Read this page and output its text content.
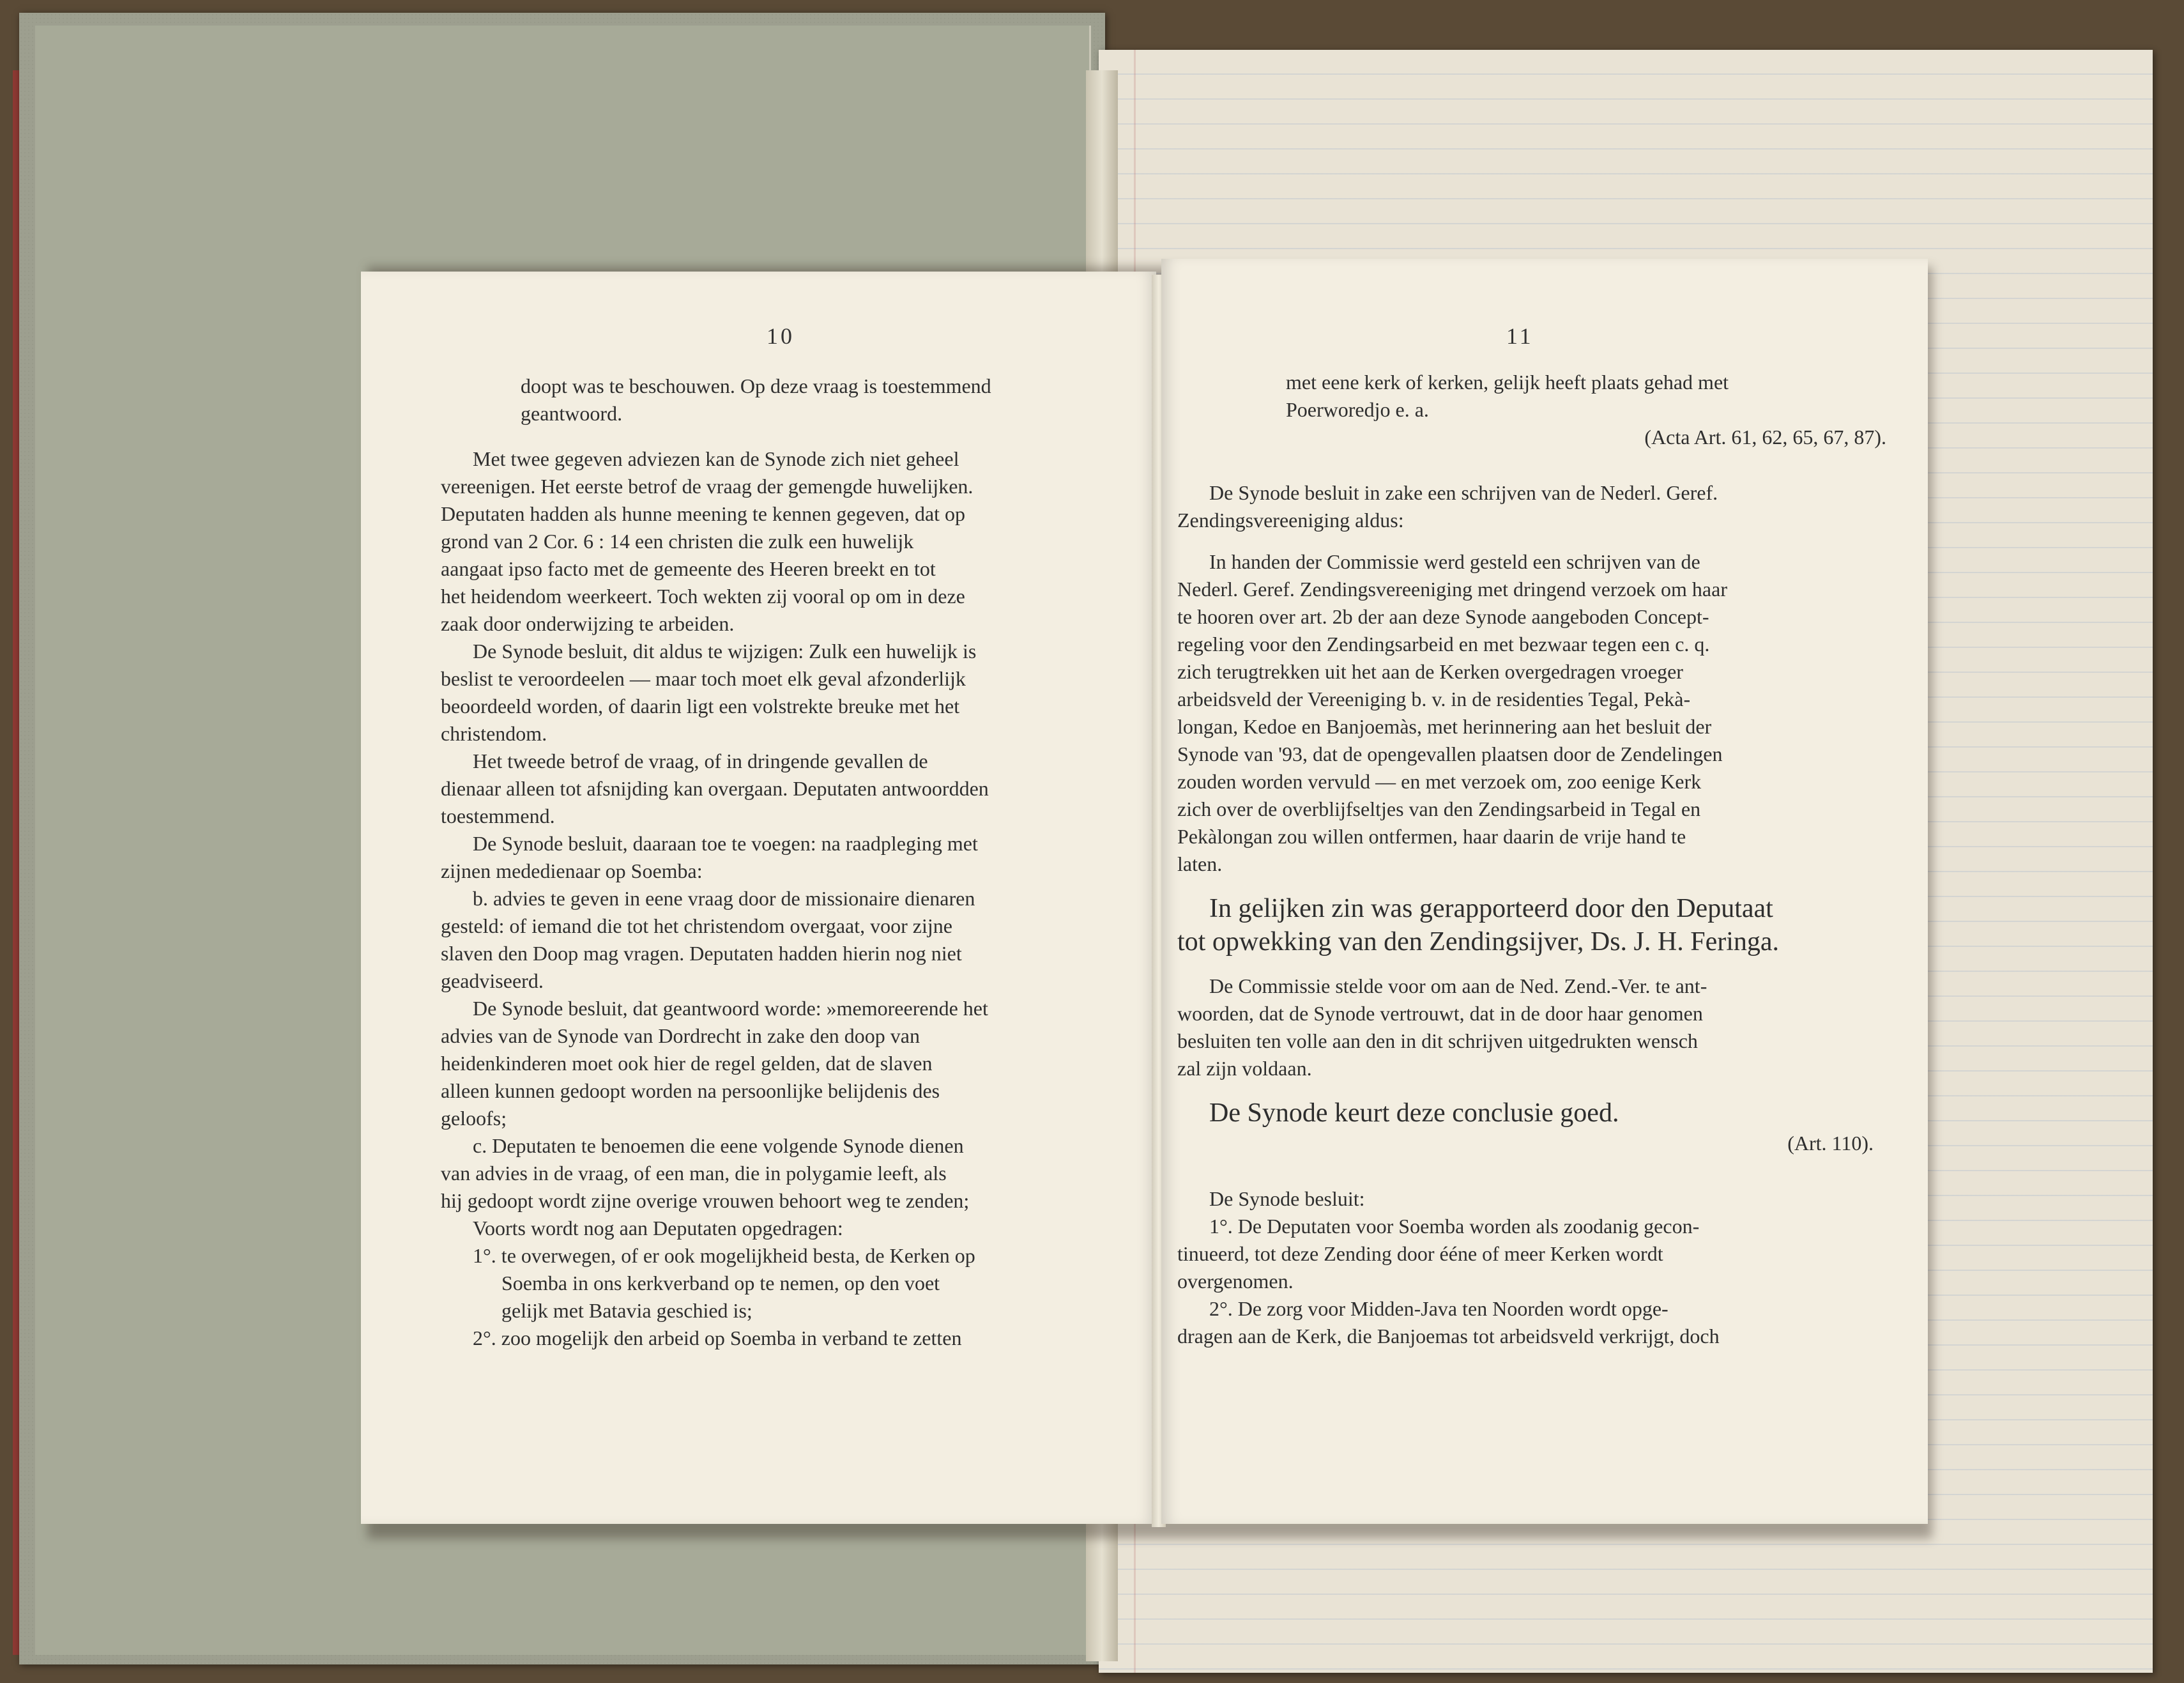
10

doopt was te beschouwen. Op deze vraag is toestemmend

geantwoord.

Met twee gegeven adviezen kan de Synode zich niet geheel

vereenigen. Het eerste betrof de vraag der gemengde huwelijken.

Deputaten hadden als hunne meening te kennen gegeven, dat op

grond van 2 Cor. 6 : 14 een christen die zulk een huwelijk

aangaat ipso facto met de gemeente des Heeren breekt en tot

het heidendom weerkeert. Toch wekten zij vooral op om in deze

zaak door onderwijzing te arbeiden.

De Synode besluit, dit aldus te wijzigen: Zulk een huwelijk is

beslist te veroordeelen — maar toch moet elk geval afzonderlijk

beoordeeld worden, of daarin ligt een volstrekte breuke met het

christendom.

Het tweede betrof de vraag, of in dringende gevallen de

dienaar alleen tot afsnijding kan overgaan. Deputaten antwoordden

toestemmend.

De Synode besluit, daaraan toe te voegen: na raadpleging met

zijnen mededienaar op Soemba:

b. advies te geven in eene vraag door de missionaire dienaren

gesteld: of iemand die tot het christendom overgaat, voor zijne

slaven den Doop mag vragen. Deputaten hadden hierin nog niet

geadviseerd.

De Synode besluit, dat geantwoord worde: »memoreerende het

advies van de Synode van Dordrecht in zake den doop van

heidenkinderen moet ook hier de regel gelden, dat de slaven

alleen kunnen gedoopt worden na persoonlijke belijdenis des

geloofs;

c. Deputaten te benoemen die eene volgende Synode dienen

van advies in de vraag, of een man, die in polygamie leeft, als

hij gedoopt wordt zijne overige vrouwen behoort weg te zenden;

Voorts wordt nog aan Deputaten opgedragen:

1°. te overwegen, of er ook mogelijkheid besta, de Kerken op

Soemba in ons kerkverband op te nemen, op den voet

gelijk met Batavia geschied is;

2°. zoo mogelijk den arbeid op Soemba in verband te zetten

11

met eene kerk of kerken, gelijk heeft plaats gehad met

Poerworedjo e. a.

(Acta Art. 61, 62, 65, 67, 87).

De Synode besluit in zake een schrijven van de Nederl. Geref.

Zendingsvereeniging aldus:

In handen der Commissie werd gesteld een schrijven van de

Nederl. Geref. Zendingsvereeniging met dringend verzoek om haar

te hooren over art. 2b der aan deze Synode aangeboden Concept-

regeling voor den Zendingsarbeid en met bezwaar tegen een c. q.

zich terugtrekken uit het aan de Kerken overgedragen vroeger

arbeidsveld der Vereeniging b. v. in de residenties Tegal, Pekà-

longan, Kedoe en Banjoemàs, met herinnering aan het besluit der

Synode van '93, dat de opengevallen plaatsen door de Zendelingen

zouden worden vervuld — en met verzoek om, zoo eenige Kerk

zich over de overblijfseltjes van den Zendingsarbeid in Tegal en

Pekàlongan zou willen ontfermen, haar daarin de vrije hand te

laten.

In gelijken zin was gerapporteerd door den Deputaat

tot opwekking van den Zendingsijver, Ds. J. H. Feringa.

De Commissie stelde voor om aan de Ned. Zend.-Ver. te ant-

woorden, dat de Synode vertrouwt, dat in de door haar genomen

besluiten ten volle aan den in dit schrijven uitgedrukten wensch

zal zijn voldaan.

De Synode keurt deze conclusie goed.

(Art. 110).

De Synode besluit:

1°. De Deputaten voor Soemba worden als zoodanig gecon-

tinueerd, tot deze Zending door ééne of meer Kerken wordt

overgenomen.

2°. De zorg voor Midden-Java ten Noorden wordt opge-

dragen aan de Kerk, die Banjoemas tot arbeidsveld verkrijgt, doch
